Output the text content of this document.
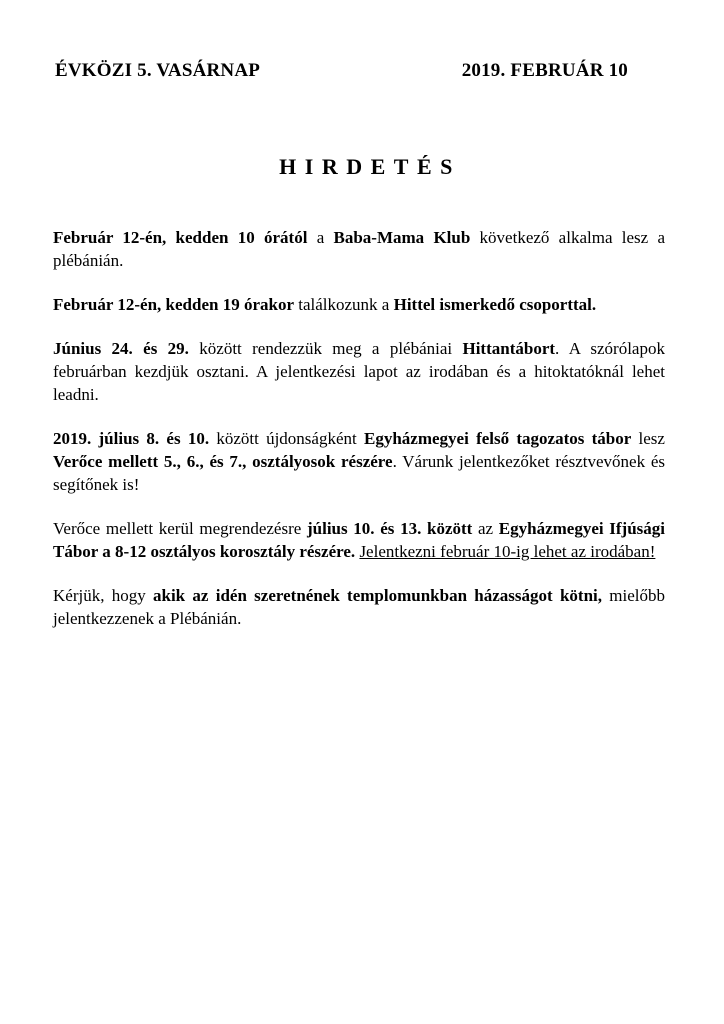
ÉVKÖZI 5. VASÁRNAP	2019. FEBRUÁR 10
HIRDETÉS

Február 12-én, kedden 10 órától a Baba-Mama Klub következő alkalma lesz a plébánián.

Február 12-én, kedden 19 órakor találkozunk a Hittel ismerkedő csoporttal.

Június 24. és 29. között rendezzük meg a plébániai Hittantábort. A szórólapok februárban kezdjük osztani. A jelentkezési lapot az irodában és a hitoktatóknál lehet leadni.

2019. július 8. és 10. között újdonságként Egyházmegyei felső tagozatos tábor lesz Verőce mellett 5., 6., és 7., osztályosok részére. Várunk jelentkezőket résztvevőnek és segítőnek is!

Verőce mellett kerül megrendezésre július 10. és 13. között az Egyházmegyei Ifjúsági Tábor a 8-12 osztályos korosztály részére. Jelentkezni február 10-ig lehet az irodában!

Kérjük, hogy akik az idén szeretnének templomunkban házasságot kötni, mielőbb jelentkezzenek a Plébánián.
